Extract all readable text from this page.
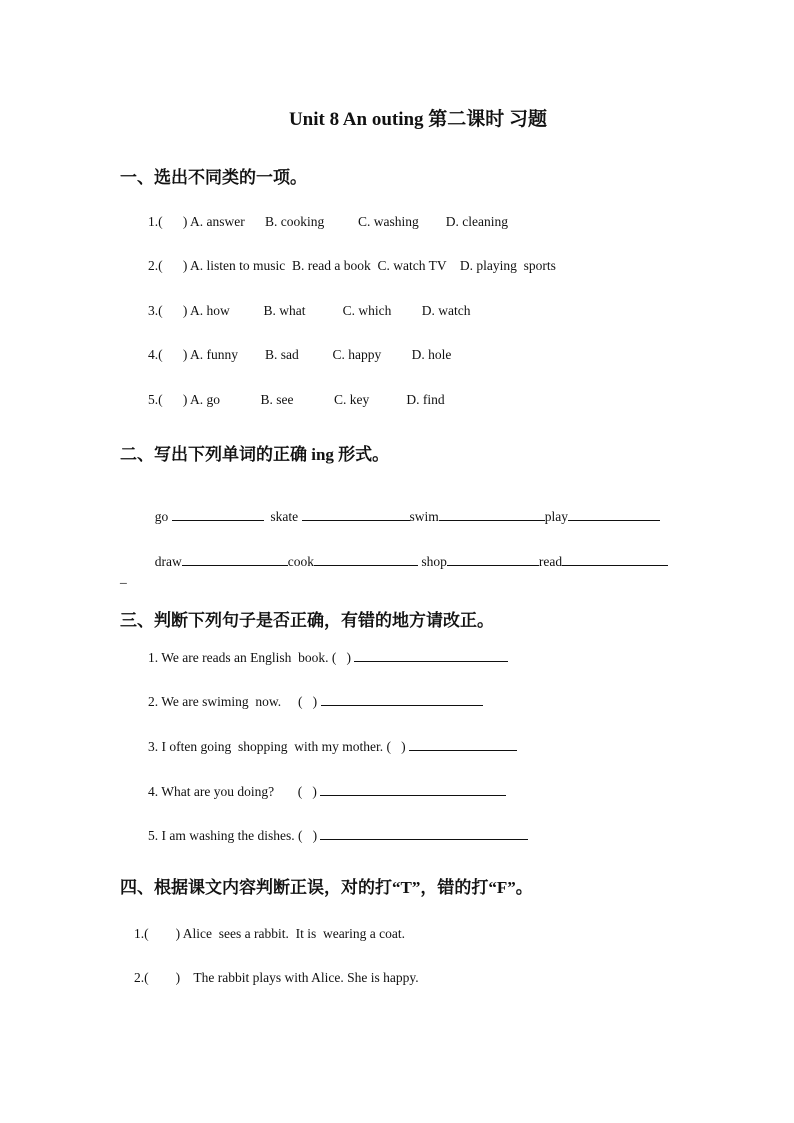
Unit 8 An outing 第二课时 习题
一、选出不同类的一项。
1.(      ) A. answer      B. cooking          C. washing        D. cleaning
2.(      ) A. listen to music  B. read a book  C. watch TV    D. playing  sports
3.(      ) A. how          B. what           C. which         D. watch
4.(      ) A. funny        B. sad          C. happy         D. hole
5.(      ) A. go            B. see            C. key           D. find
二、写出下列单词的正确 ing 形式。

go	skate	swim	play

draw	cook	shop	read

_
三、判断下列句子是否正确，有错的地方请改正。
1. We are reads an English  book. (   )
2. We are swiming  now.     (   )
3. I often going  shopping  with my mother. (   )
4. What are you doing?       (   )
5. I am washing the dishes. (   )
四、根据课文内容判断正误，对的打“T”，错的打“F”。
1.(        ) Alice  sees a rabbit.  It is  wearing a coat.
2.(        )    The rabbit plays with Alice. She is happy.
